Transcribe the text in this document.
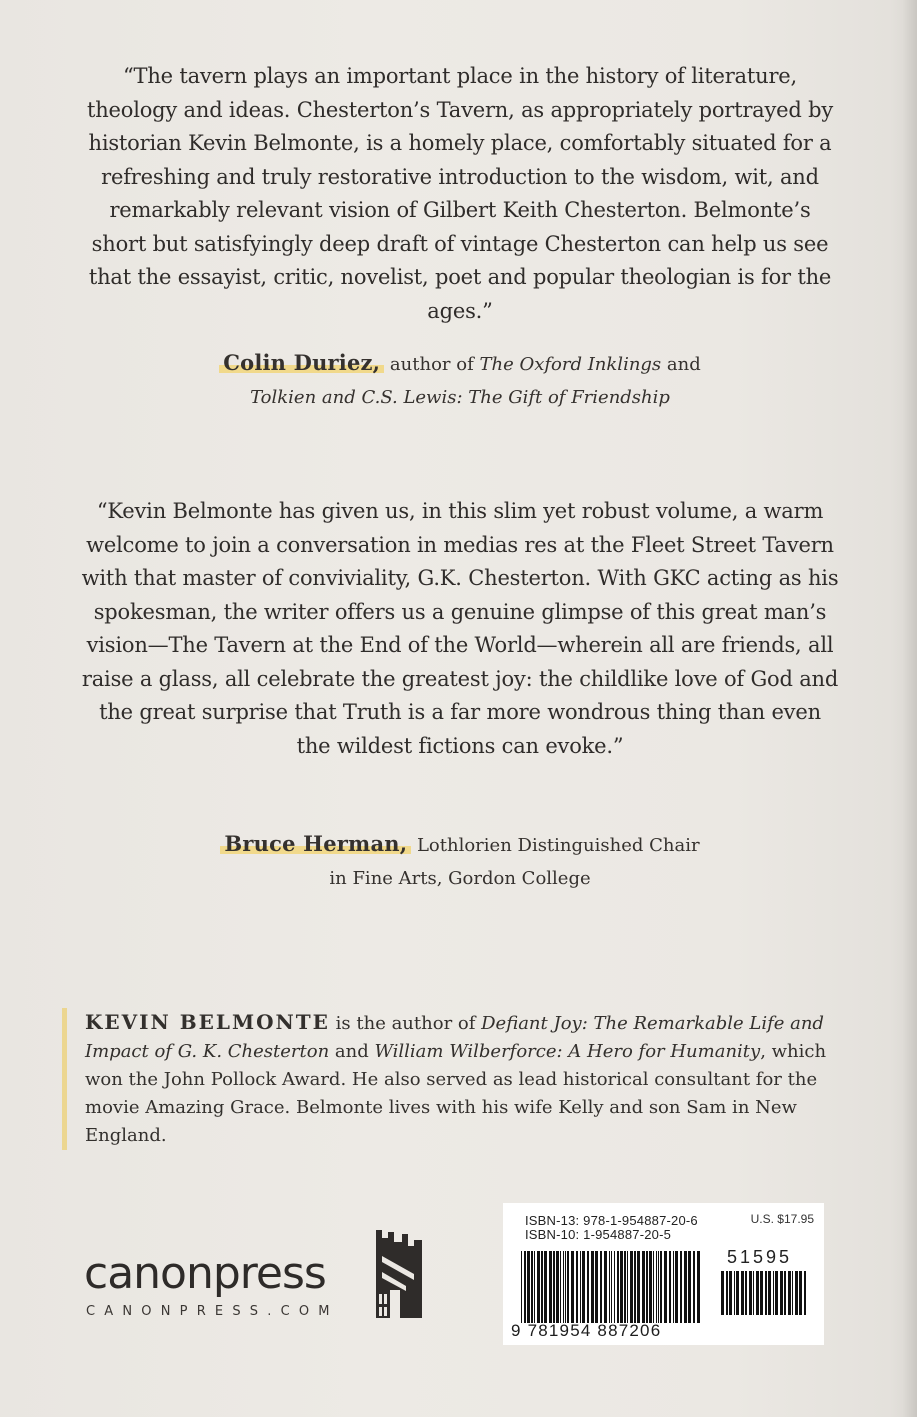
“The tavern plays an important place in the history of literature, theology and ideas. Chesterton’s Tavern, as appropriately portrayed by historian Kevin Belmonte, is a homely place, comfortably situated for a refreshing and truly restorative introduction to the wisdom, wit, and remarkably relevant vision of Gilbert Keith Chesterton. Belmonte’s short but satisfyingly deep draft of vintage Chesterton can help us see that the essayist, critic, novelist, poet and popular theologian is for the ages.”
Colin Duriez, author of The Oxford Inklings and
Tolkien and C.S. Lewis: The Gift of Friendship
“Kevin Belmonte has given us, in this slim yet robust volume, a warm welcome to join a conversation in medias res at the Fleet Street Tavern with that master of conviviality, G.K. Chesterton. With GKC acting as his spokesman, the writer offers us a genuine glimpse of this great man’s vision—The Tavern at the End of the World—wherein all are friends, all raise a glass, all celebrate the greatest joy: the childlike love of God and the great surprise that Truth is a far more wondrous thing than even the wildest fictions can evoke.”
Bruce Herman, Lothlorien Distinguished Chair
in Fine Arts, Gordon College
KEVIN BELMONTE is the author of Defiant Joy: The Remarkable Life and Impact of G. K. Chesterton and William Wilberforce: A Hero for Humanity, which won the John Pollock Award. He also served as lead historical consultant for the movie Amazing Grace. Belmonte lives with his wife Kelly and son Sam in New England.
canonpress
CANONPRESS.COM
ISBN-13: 978-1-954887-20-6
ISBN-10: 1-954887-20-5
U.S. $17.95
51595
9 781954 887206
